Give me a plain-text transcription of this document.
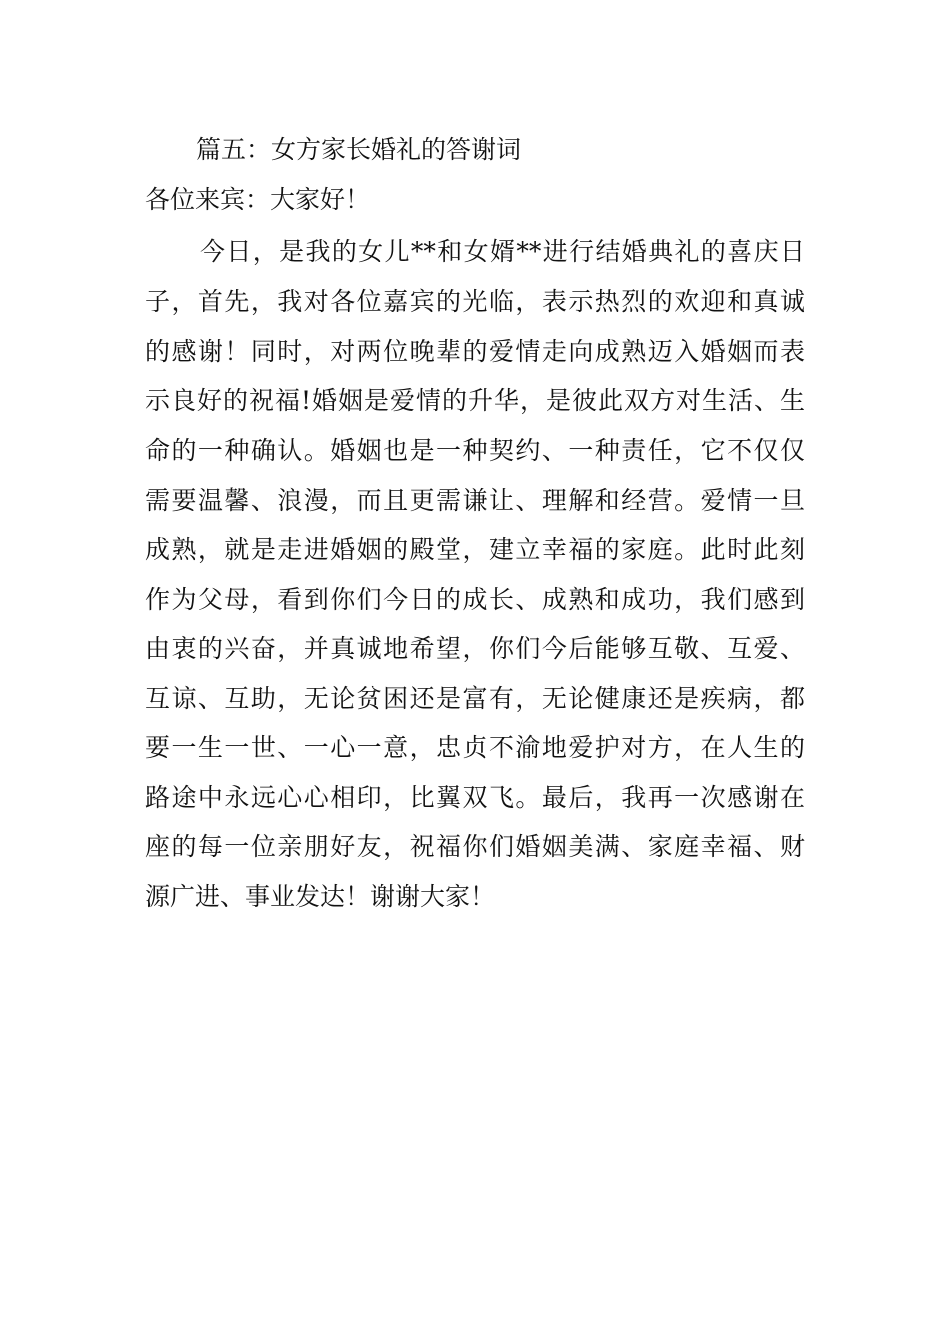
篇五：女方家长婚礼的答谢词
各位来宾：大家好！
今日，是我的女儿**和女婿**进行结婚典礼的喜庆日
子，首先，我对各位嘉宾的光临，表示热烈的欢迎和真诚
的感谢！同时，对两位晚辈的爱情走向成熟迈入婚姻而表
示良好的祝福!婚姻是爱情的升华，是彼此双方对生活、生
命的一种确认。婚姻也是一种契约、一种责任，它不仅仅
需要温馨、浪漫，而且更需谦让、理解和经营。爱情一旦
成熟，就是走进婚姻的殿堂，建立幸福的家庭。此时此刻
作为父母，看到你们今日的成长、成熟和成功，我们感到
由衷的兴奋，并真诚地希望，你们今后能够互敬、互爱、
互谅、互助，无论贫困还是富有，无论健康还是疾病，都
要一生一世、一心一意，忠贞不渝地爱护对方，在人生的
路途中永远心心相印，比翼双飞。最后，我再一次感谢在
座的每一位亲朋好友，祝福你们婚姻美满、家庭幸福、财
源广进、事业发达！谢谢大家！
